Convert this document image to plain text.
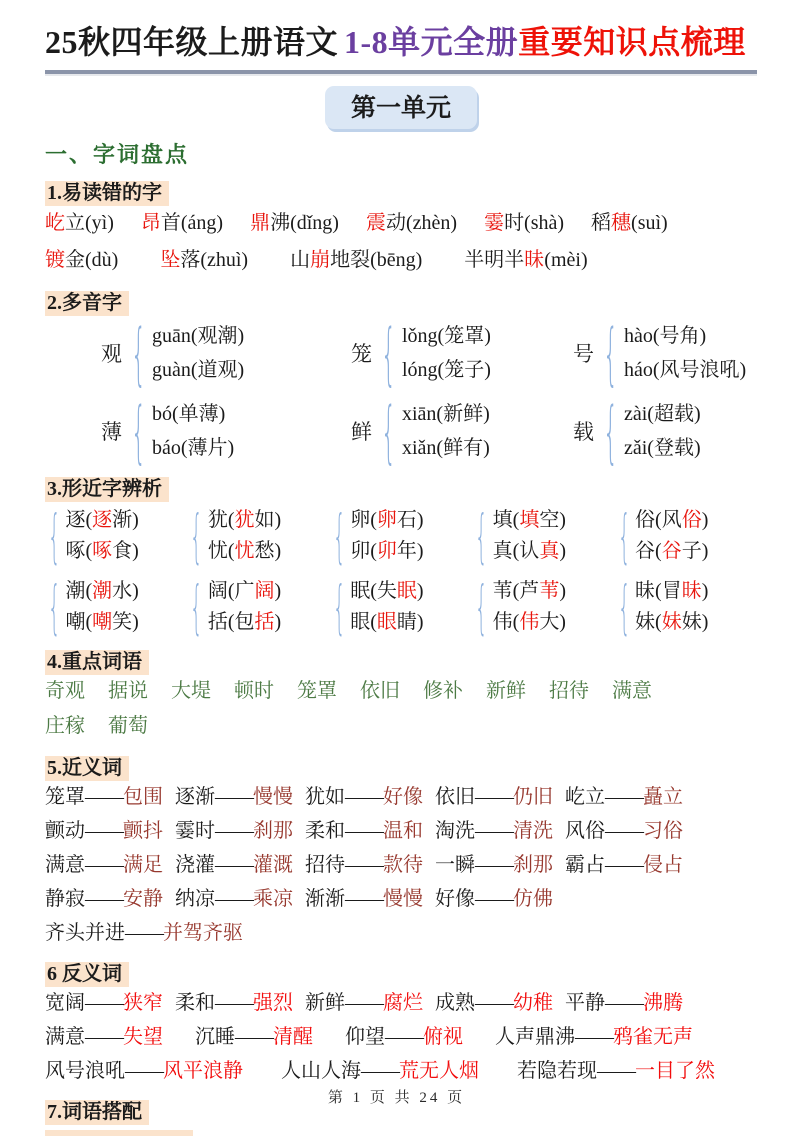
25秋四年级上册语文 1-8单元全册重要知识点梳理
第一单元
一、字词盘点
1.易读错的字
屹立(yì) 昂首(áng) 鼎沸(dǐng) 震动(zhèn) 霎时(shà) 稻穗(suì)
镀金(dù) 坠落(zhuì) 山崩地裂(bēng) 半明半昧(mèi)
2.多音字
观 { guān(观潮)
guàn(道观)
笼 { lǒng(笼罩)
lóng(笼子)
号 { hào(号角)
háo(风号浪吼)
薄 { bó(单薄)
báo(薄片)
鲜 { xiān(新鲜)
xiǎn(鲜有)
载 { zài(超载)
zǎi(登载)
3.形近字辨析
{ 逐(逐渐)
啄(啄食) { 犹(犹如)
忧(忧愁) { 卵(卵石)
卯(卯年) { 填(填空)
真(认真) { 俗(风俗)
谷(谷子)
{ 潮(潮水)
嘲(嘲笑) { 阔(广阔)
括(包括) { 眠(失眠)
眼(眼睛) { 苇(芦苇)
伟(伟大) { 昧(冒昧)
妹(妹妹)
4.重点词语
奇观 据说 大堤 顿时 笼罩 依旧 修补 新鲜 招待 满意
庄稼 葡萄
5.近义词
笼罩——包围 逐渐——慢慢 犹如——好像 依旧——仍旧 屹立——矗立
颤动——颤抖 霎时——刹那 柔和——温和 淘洗——清洗 风俗——习俗
满意——满足 浇灌——灌溉 招待——款待 一瞬——刹那 霸占——侵占
静寂——安静 纳凉——乘凉 渐渐——慢慢 好像——仿佛
齐头并进——并驾齐驱
6 反义词
宽阔——狭窄 柔和——强烈 新鲜——腐烂 成熟——幼稚 平静——沸腾
满意——失望 沉睡——清醒 仰望——俯视 人声鼎沸——鸦雀无声
风号浪吼——风平浪静 人山人海——荒无人烟 若隐若现——一目了然
7.词语搭配
第 1 页 共 24 页
